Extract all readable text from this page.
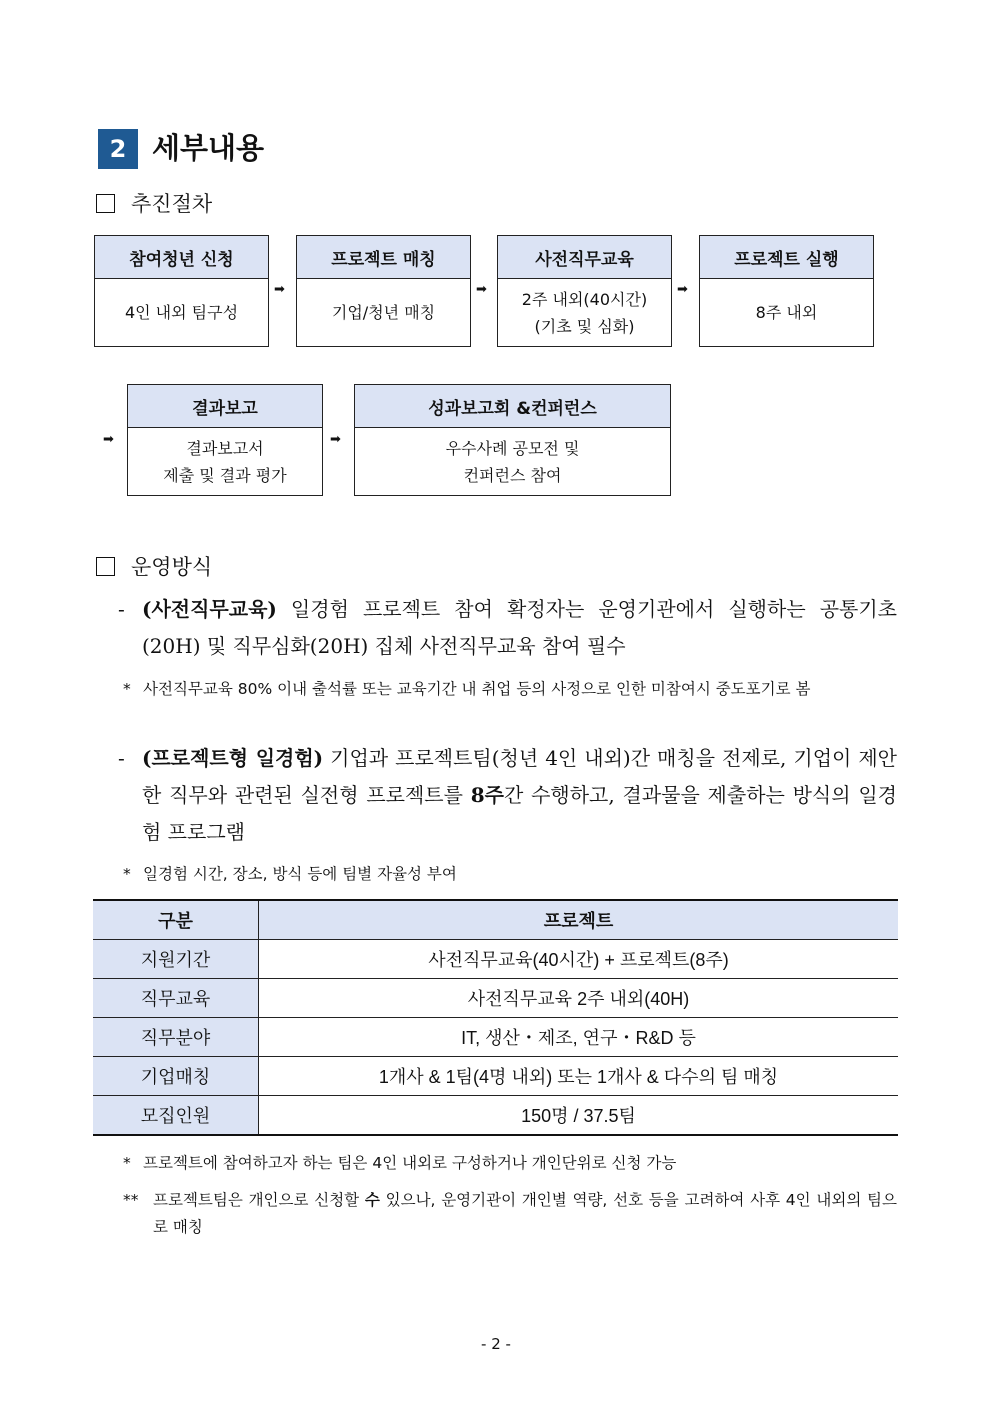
2 세부내용
추진절차
참여청년 신청
4인 내외 팀구성
➡
프로젝트 매칭
기업/청년 매칭
➡
사전직무교육
2주 내외(40시간)
(기초 및 심화)
➡
프로젝트 실행
8주 내외
➡
결과보고
결과보고서
제출 및 결과 평가
➡
성과보고회 &컨퍼런스
우수사례 공모전 및
컨퍼런스 참여
운영방식
- (사전직무교육) 일경험 프로젝트 참여 확정자는 운영기관에서 실행하는 공통기초(20H) 및 직무심화(20H) 집체 사전직무교육 참여 필수
* 사전직무교육 80% 이내 출석률 또는 교육기간 내 취업 등의 사정으로 인한 미참여시 중도포기로 봄
- (프로젝트형 일경험) 기업과 프로젝트팀(청년 4인 내외)간 매칭을 전제로, 기업이 제안한 직무와 관련된 실전형 프로젝트를 8주간 수행하고, 결과물을 제출하는 방식의 일경험 프로그램
* 일경험 시간, 장소, 방식 등에 팀별 자율성 부여
구분	프로젝트
지원기간	사전직무교육(40시간) + 프로젝트(8주)
직무교육	사전직무교육 2주 내외(40H)
직무분야	IT, 생산・제조, 연구・R&D 등
기업매칭	1개사 & 1팀(4명 내외) 또는 1개사 & 다수의 팀 매칭
모집인원	150명 / 37.5팀
* 프로젝트에 참여하고자 하는 팀은 4인 내외로 구성하거나 개인단위로 신청 가능
** 프로젝트팀은 개인으로 신청할 수 있으나, 운영기관이 개인별 역량, 선호 등을 고려하여 사후 4인 내외의 팀으로 매칭
- 2 -
